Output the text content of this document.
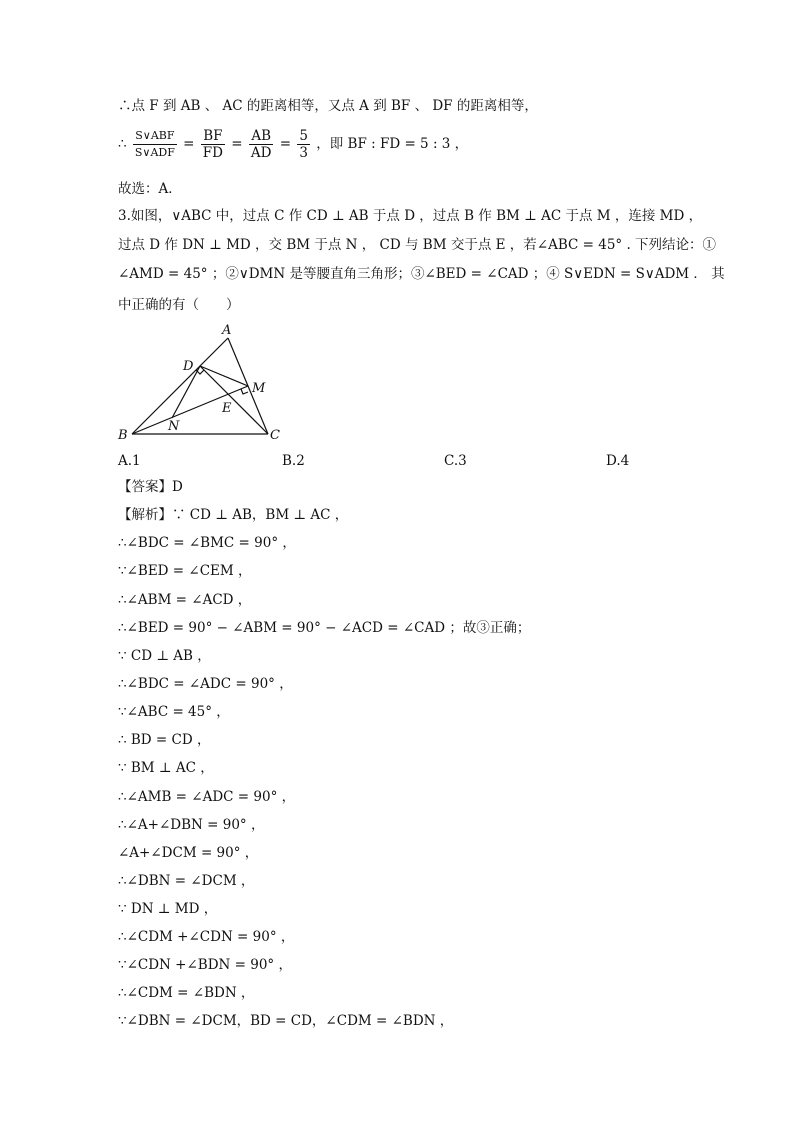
∴点 F 到 AB 、 AC 的距离相等，又点 A 到 BF 、 DF 的距离相等，
∴ $\frac{\text{S∨ABF}}{\text{S∨ADF}} = \frac{BF}{FD} = \frac{AB}{AD} = \frac{5}{3}$ ，即 BF : FD = 5 : 3 ，
故选：A．
3.如图，∨ABC 中，过点 C 作 CD ⊥ AB 于点 D ，过点 B 作 BM ⊥ AC 于点 M ，连接 MD ，
过点 D 作 DN ⊥ MD ，交 BM 于点 N ， CD 与 BM 交于点 E ，若∠ABC = 45° . 下列结论：①
∠AMD = 45° ；②∨DMN 是等腰直角三角形；③∠BED = ∠CAD ；④ S∨EDN = S∨ADM ． 其
中正确的有（　　）
A
B	C
D
M
E
N
A.1	B.2	C.3	D.4
【答案】D
【解析】∵ CD ⊥ AB，BM ⊥ AC ，
∴∠BDC = ∠BMC = 90° ，
∵∠BED = ∠CEM ，
∴∠ABM = ∠ACD ，
∴∠BED = 90° − ∠ABM = 90° − ∠ACD = ∠CAD ；故③正确；
∵ CD ⊥ AB ，
∴∠BDC = ∠ADC = 90° ，
∵∠ABC = 45° ，
∴ BD = CD ，
∵ BM ⊥ AC ，
∴∠AMB = ∠ADC = 90° ，
∴∠A+∠DBN = 90° ，
∠A+∠DCM = 90° ，
∴∠DBN = ∠DCM ，
∵ DN ⊥ MD ，
∴∠CDM +∠CDN = 90° ，
∵∠CDN +∠BDN = 90° ，
∴∠CDM = ∠BDN ，
∵∠DBN = ∠DCM，BD = CD，∠CDM = ∠BDN ，
